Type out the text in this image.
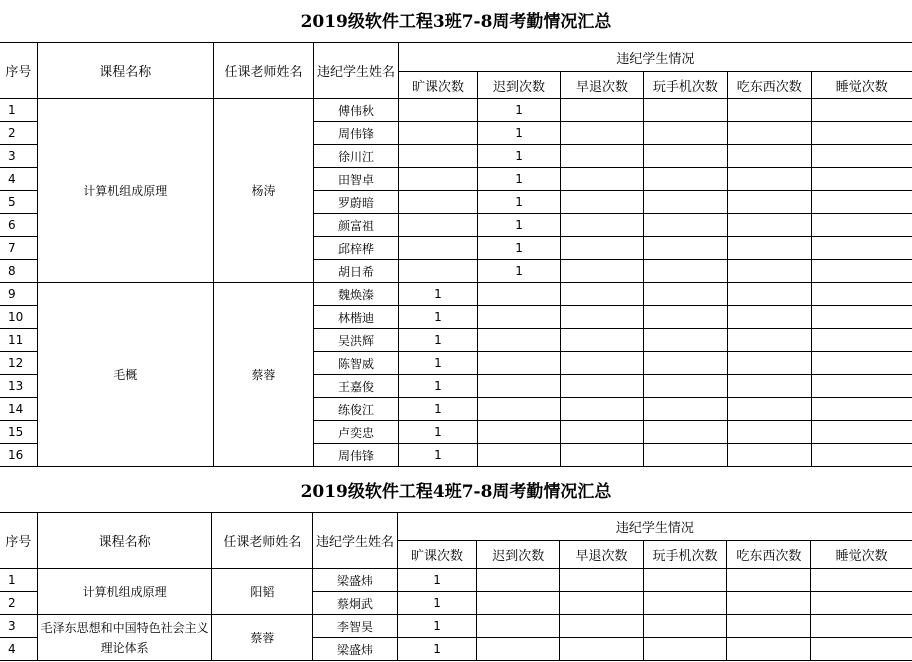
2019级软件工程3班7-8周考勤情况汇总
序号	课程名称	任课老师姓名	违纪学生姓名	违纪学生情况					
				旷课次数	迟到次数	早退次数	玩手机次数	吃东西次数	睡觉次数
1	计算机组成原理	杨涛	傅伟秋		1				
2			周伟锋		1				
3			徐川江		1				
4			田智卓		1				
5			罗蔚暗		1				
6			颜富祖		1				
7			邱梓桦		1				
8			胡日希		1				
9	毛概	蔡蓉	魏焕溱	1					
10			林楷迪	1					
11			吴洪辉	1					
12			陈智威	1					
13			王嘉俊	1					
14			练俊江	1					
15			卢奕忠	1					
16			周伟锋	1					
2019级软件工程4班7-8周考勤情况汇总
序号	课程名称	任课老师姓名	违纪学生姓名	违纪学生情况					
				旷课次数	迟到次数	早退次数	玩手机次数	吃东西次数	睡觉次数
1	计算机组成原理	阳韬	梁盛炜	1					
2			蔡炯武	1					
3	毛泽东思想和中国特色社会主义理论体系	蔡蓉	李智昊	1					
4			梁盛炜	1					
